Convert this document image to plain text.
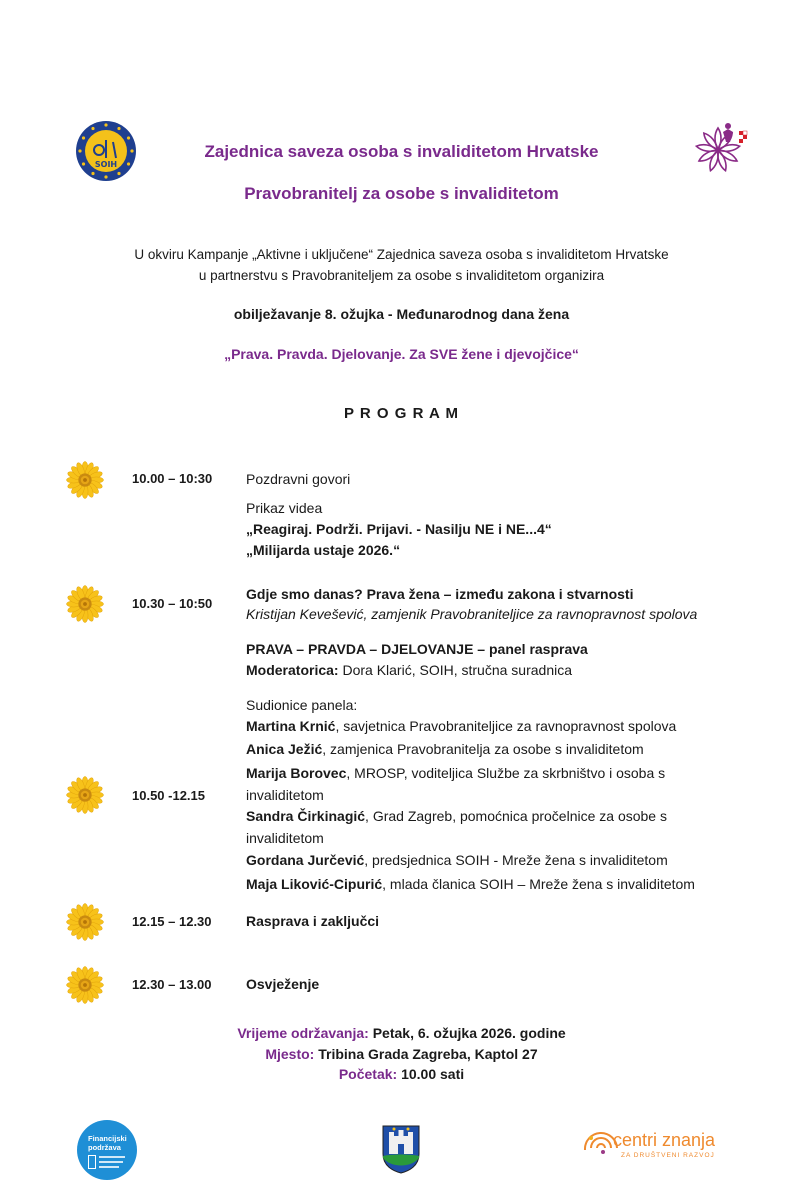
SOIH
Zajednica saveza osoba s invaliditetom Hrvatske
Pravobranitelj za osobe s invaliditetom
U okviru Kampanje „Aktivne i uključene“ Zajednica saveza osoba s invaliditetom Hrvatske
u partnerstvu s Pravobraniteljem za osobe s invaliditetom organizira
obilježavanje 8. ožujka - Međunarodnog dana žena
„Prava. Pravda. Djelovanje. Za SVE žene i djevojčice“
P R O G R A M
10.00 – 10:30 Pozdravni govori
Prikaz videa
„Reagiraj. Podrži. Prijavi. - Nasilju NE i NE...4“
„Milijarda ustaje 2026.“
10.30 – 10:50
Gdje smo danas? Prava žena – između zakona i stvarnosti
Kristijan Kevešević, zamjenik Pravobraniteljice za ravnopravnost spolova
10.50 -12.15
PRAVA – PRAVDA – DJELOVANJE – panel rasprava
Moderatorica: Dora Klarić, SOIH, stručna suradnica
Sudionice panela:
Martina Krnić, savjetnica Pravobraniteljice za ravnopravnost spolova
Anica Ježić, zamjenica Pravobranitelja za osobe s invaliditetom
Marija Borovec, MROSP, voditeljica Službe za skrbništvo i osoba s invaliditetom
Sandra Čirkinagić, Grad Zagreb, pomoćnica pročelnice za osobe s invaliditetom
Gordana Jurčević, predsjednica SOIH - Mreže žena s invaliditetom
Maja Liković-Cipurić, mlada članica SOIH – Mreže žena s invaliditetom
12.15 – 12.30 Rasprava i zaključci
12.30 – 13.00 Osvježenje
Vrijeme održavanja: Petak, 6. ožujka 2026. godine
Mjesto: Tribina Grada Zagreba, Kaptol 27
Početak: 10.00 sati
Financijski
podržava	centri znanja
ZA DRUŠTVENI RAZVOJ
